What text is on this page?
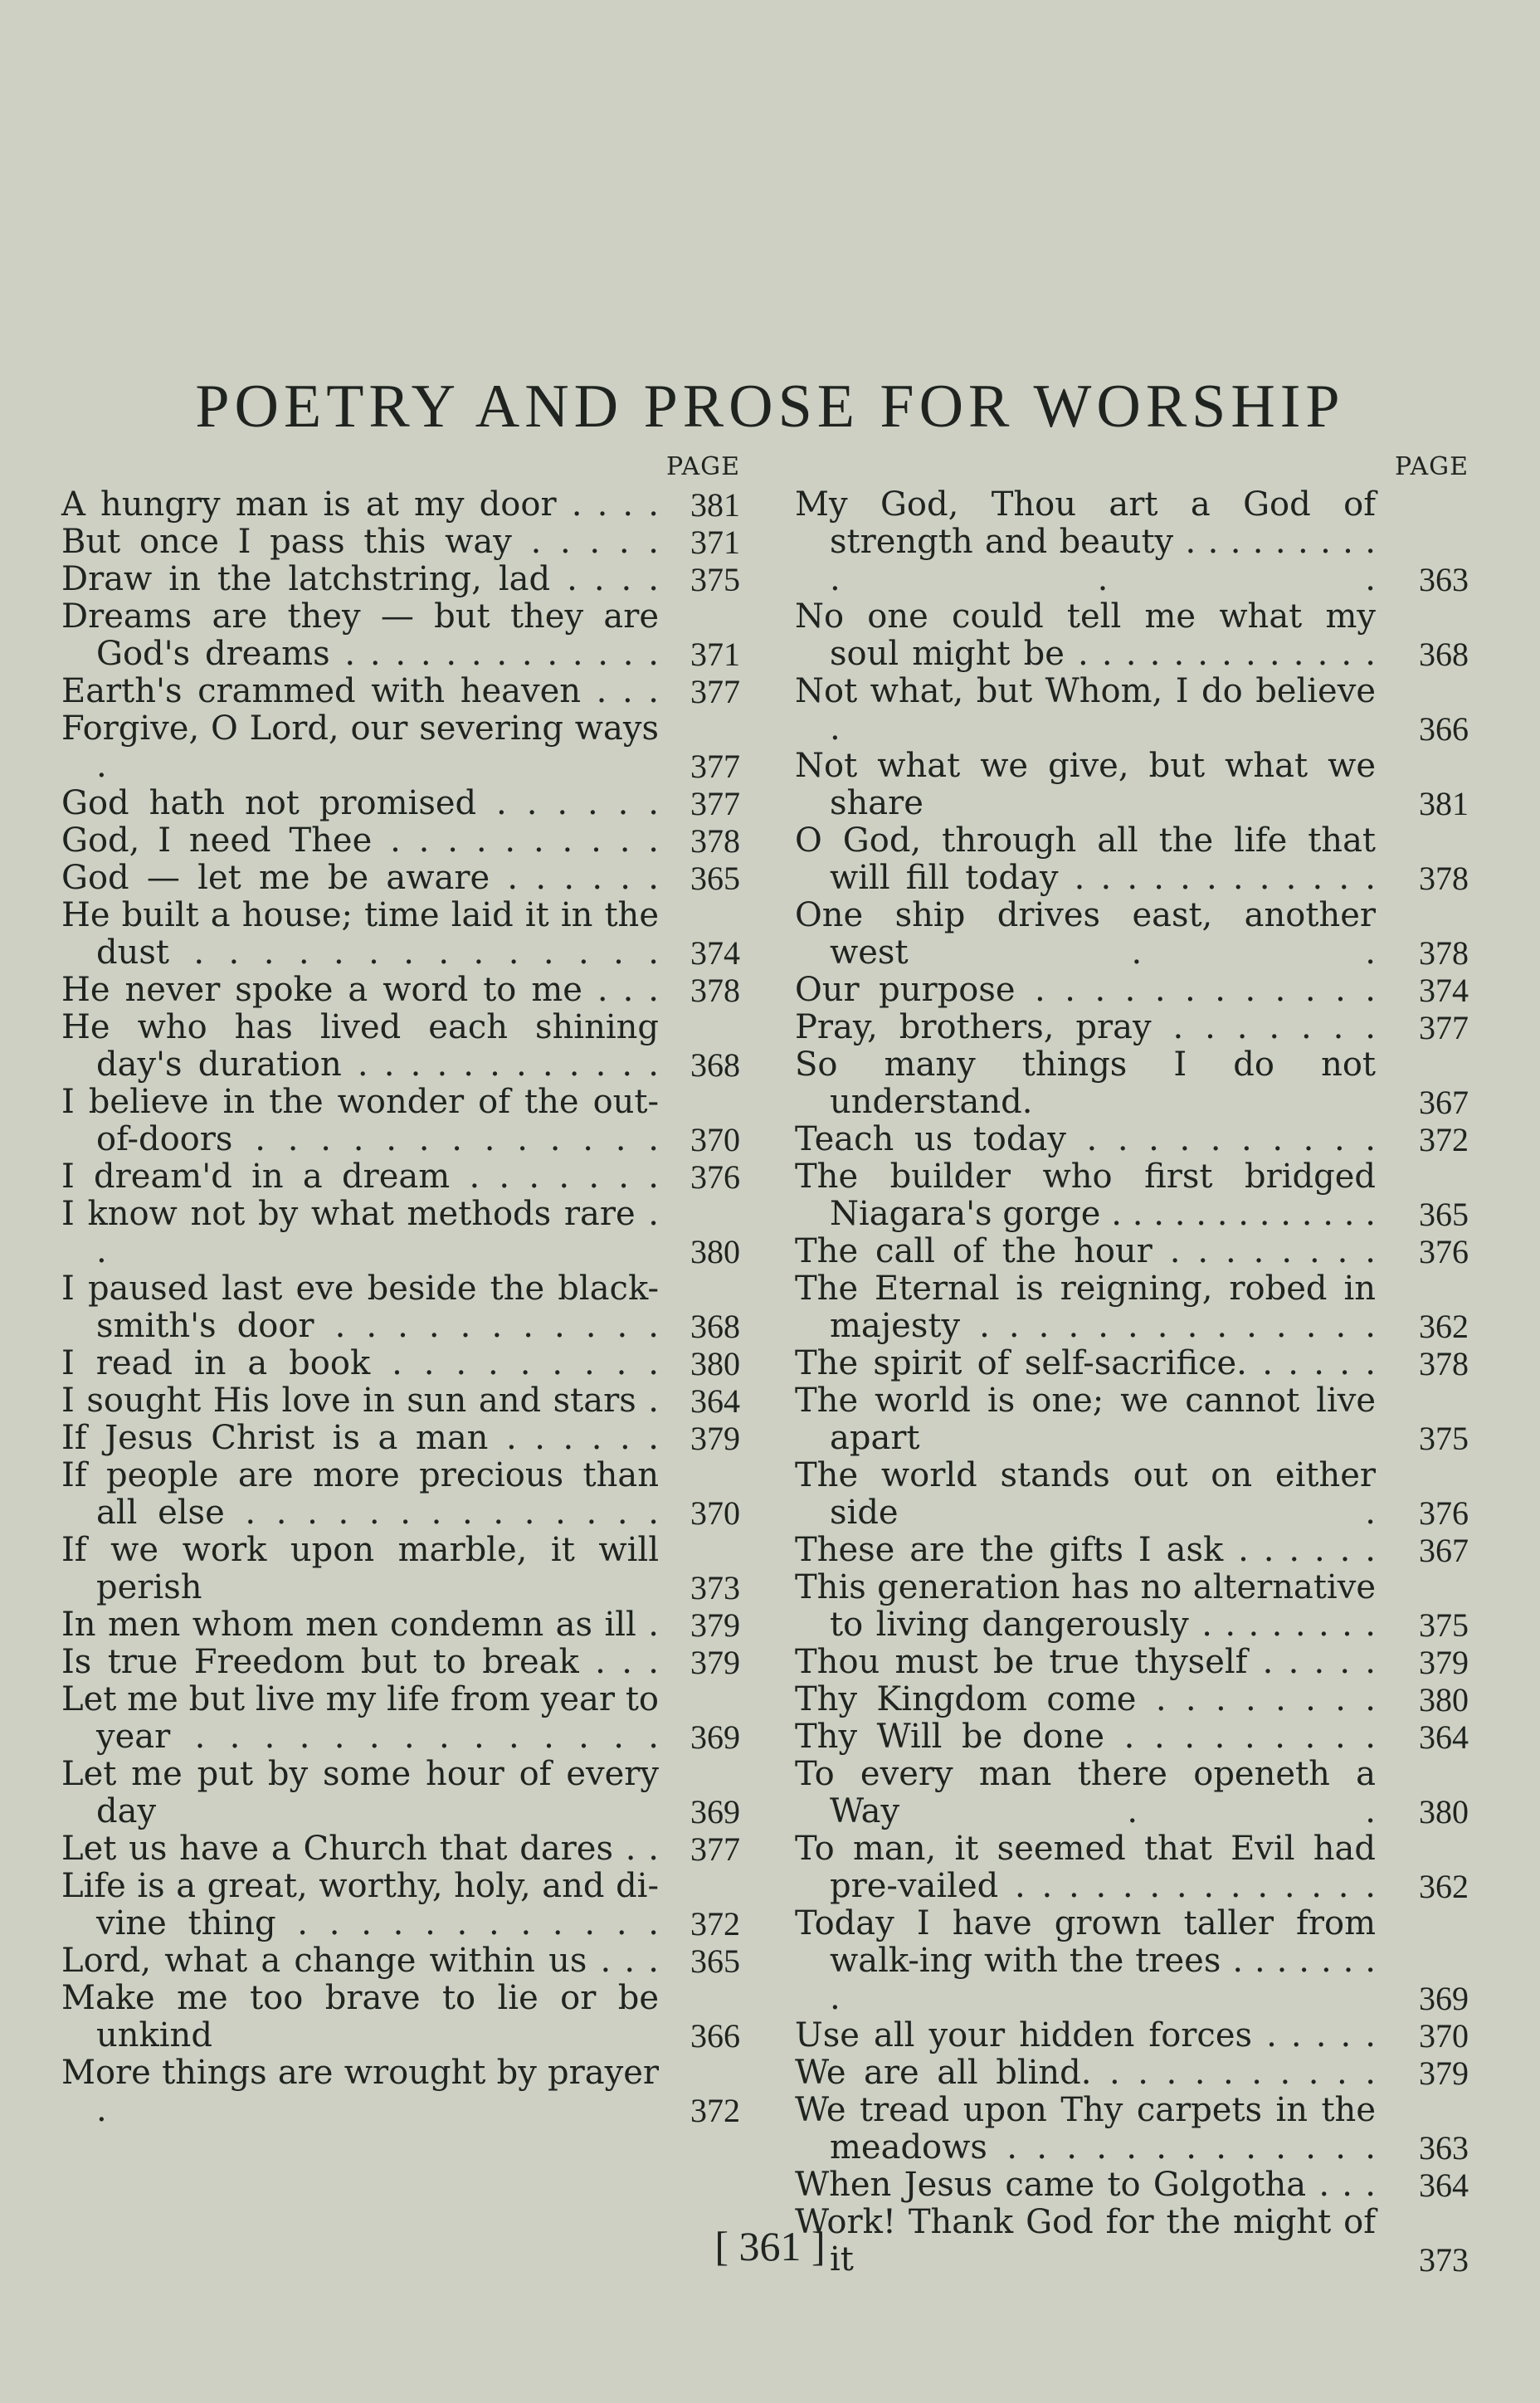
POETRY AND PROSE FOR WORSHIP
PAGE
A hungry man is at my door . . . . 381
But once I pass this way . . . . . 371
Draw in the latchstring, lad . . . . 375
Dreams are they — but they are God's dreams . . . . . . . . . . . . . 371
Earth's crammed with heaven . . . 377
Forgive, O Lord, our severing ways .	377
God hath not promised . . . . . . 377
God, I need Thee . . . . . . . . . . 378
God — let me be aware . . . . . . 365
He built a house; time laid it in the dust . . . . . . . . . . . . . . 374
He never spoke a word to me . . . 378
He who has lived each shining day's duration . . . . . . . . . . . . 368
I believe in the wonder of the out-of-doors . . . . . . . . . . . . . 370
I dream'd in a dream . . . . . . . 376
I know not by what methods rare . .	380
I paused last eve beside the black-smith's door . . . . . . . . . . . 368
I read in a book . . . . . . . . . 380
I sought His love in sun and stars . 364
If Jesus Christ is a man . . . . . . 379
If people are more precious than all else . . . . . . . . . . . . . . 370
If we work upon marble, it will perish	373
In men whom men condemn as ill . 379
Is true Freedom but to break . . . 379
Let me but live my life from year to year . . . . . . . . . . . . . . 369
Let me put by some hour of every day	369
Let us have a Church that dares . . 377
Life is a great, worthy, holy, and di-vine thing . . . . . . . . . . . . 372
Lord, what a change within us . . . 365
Make me too brave to lie or be unkind	366
More things are wrought by prayer .	372
PAGE
My God, Thou art a God of strength and beauty . . . . . . . . . . . .	363
No one could tell me what my soul might be . . . . . . . . . . . . .	368
Not what, but Whom, I do believe .	366
Not what we give, but what we share	381
O God, through all the life that will fill today . . . . . . . . . . . .	378
One ship drives east, another west . .	378
Our purpose . . . . . . . . . . . .	374
Pray, brothers, pray . . . . . . .	377
So many things I do not understand.	367
Teach us today . . . . . . . . . .	372
The builder who first bridged Niagara's gorge . . . . . . . . . . . . .	365
The call of the hour . . . . . . . .	376
The Eternal is reigning, robed in majesty . . . . . . . . . . . . . .	362
The spirit of self-sacrifice. . . . . .	378
The world is one; we cannot live apart	375
The world stands out on either side .	376
These are the gifts I ask . . . . . .	367
This generation has no alternative to living dangerously . . . . . . . .	375
Thou must be true thyself . . . . .	379
Thy Kingdom come . . . . . . . .	380
Thy Will be done . . . . . . . . .	364
To every man there openeth a Way . .	380
To man, it seemed that Evil had pre-vailed . . . . . . . . . . . . . .	362
Today I have grown taller from walk-ing with the trees . . . . . . . .	369
Use all your hidden forces . . . . .	370
We are all blind. . . . . . . . . . .	379
We tread upon Thy carpets in the meadows . . . . . . . . . . . . .	363
When Jesus came to Golgotha . . .	364
Work! Thank God for the might of it	373
[ 361 ]
